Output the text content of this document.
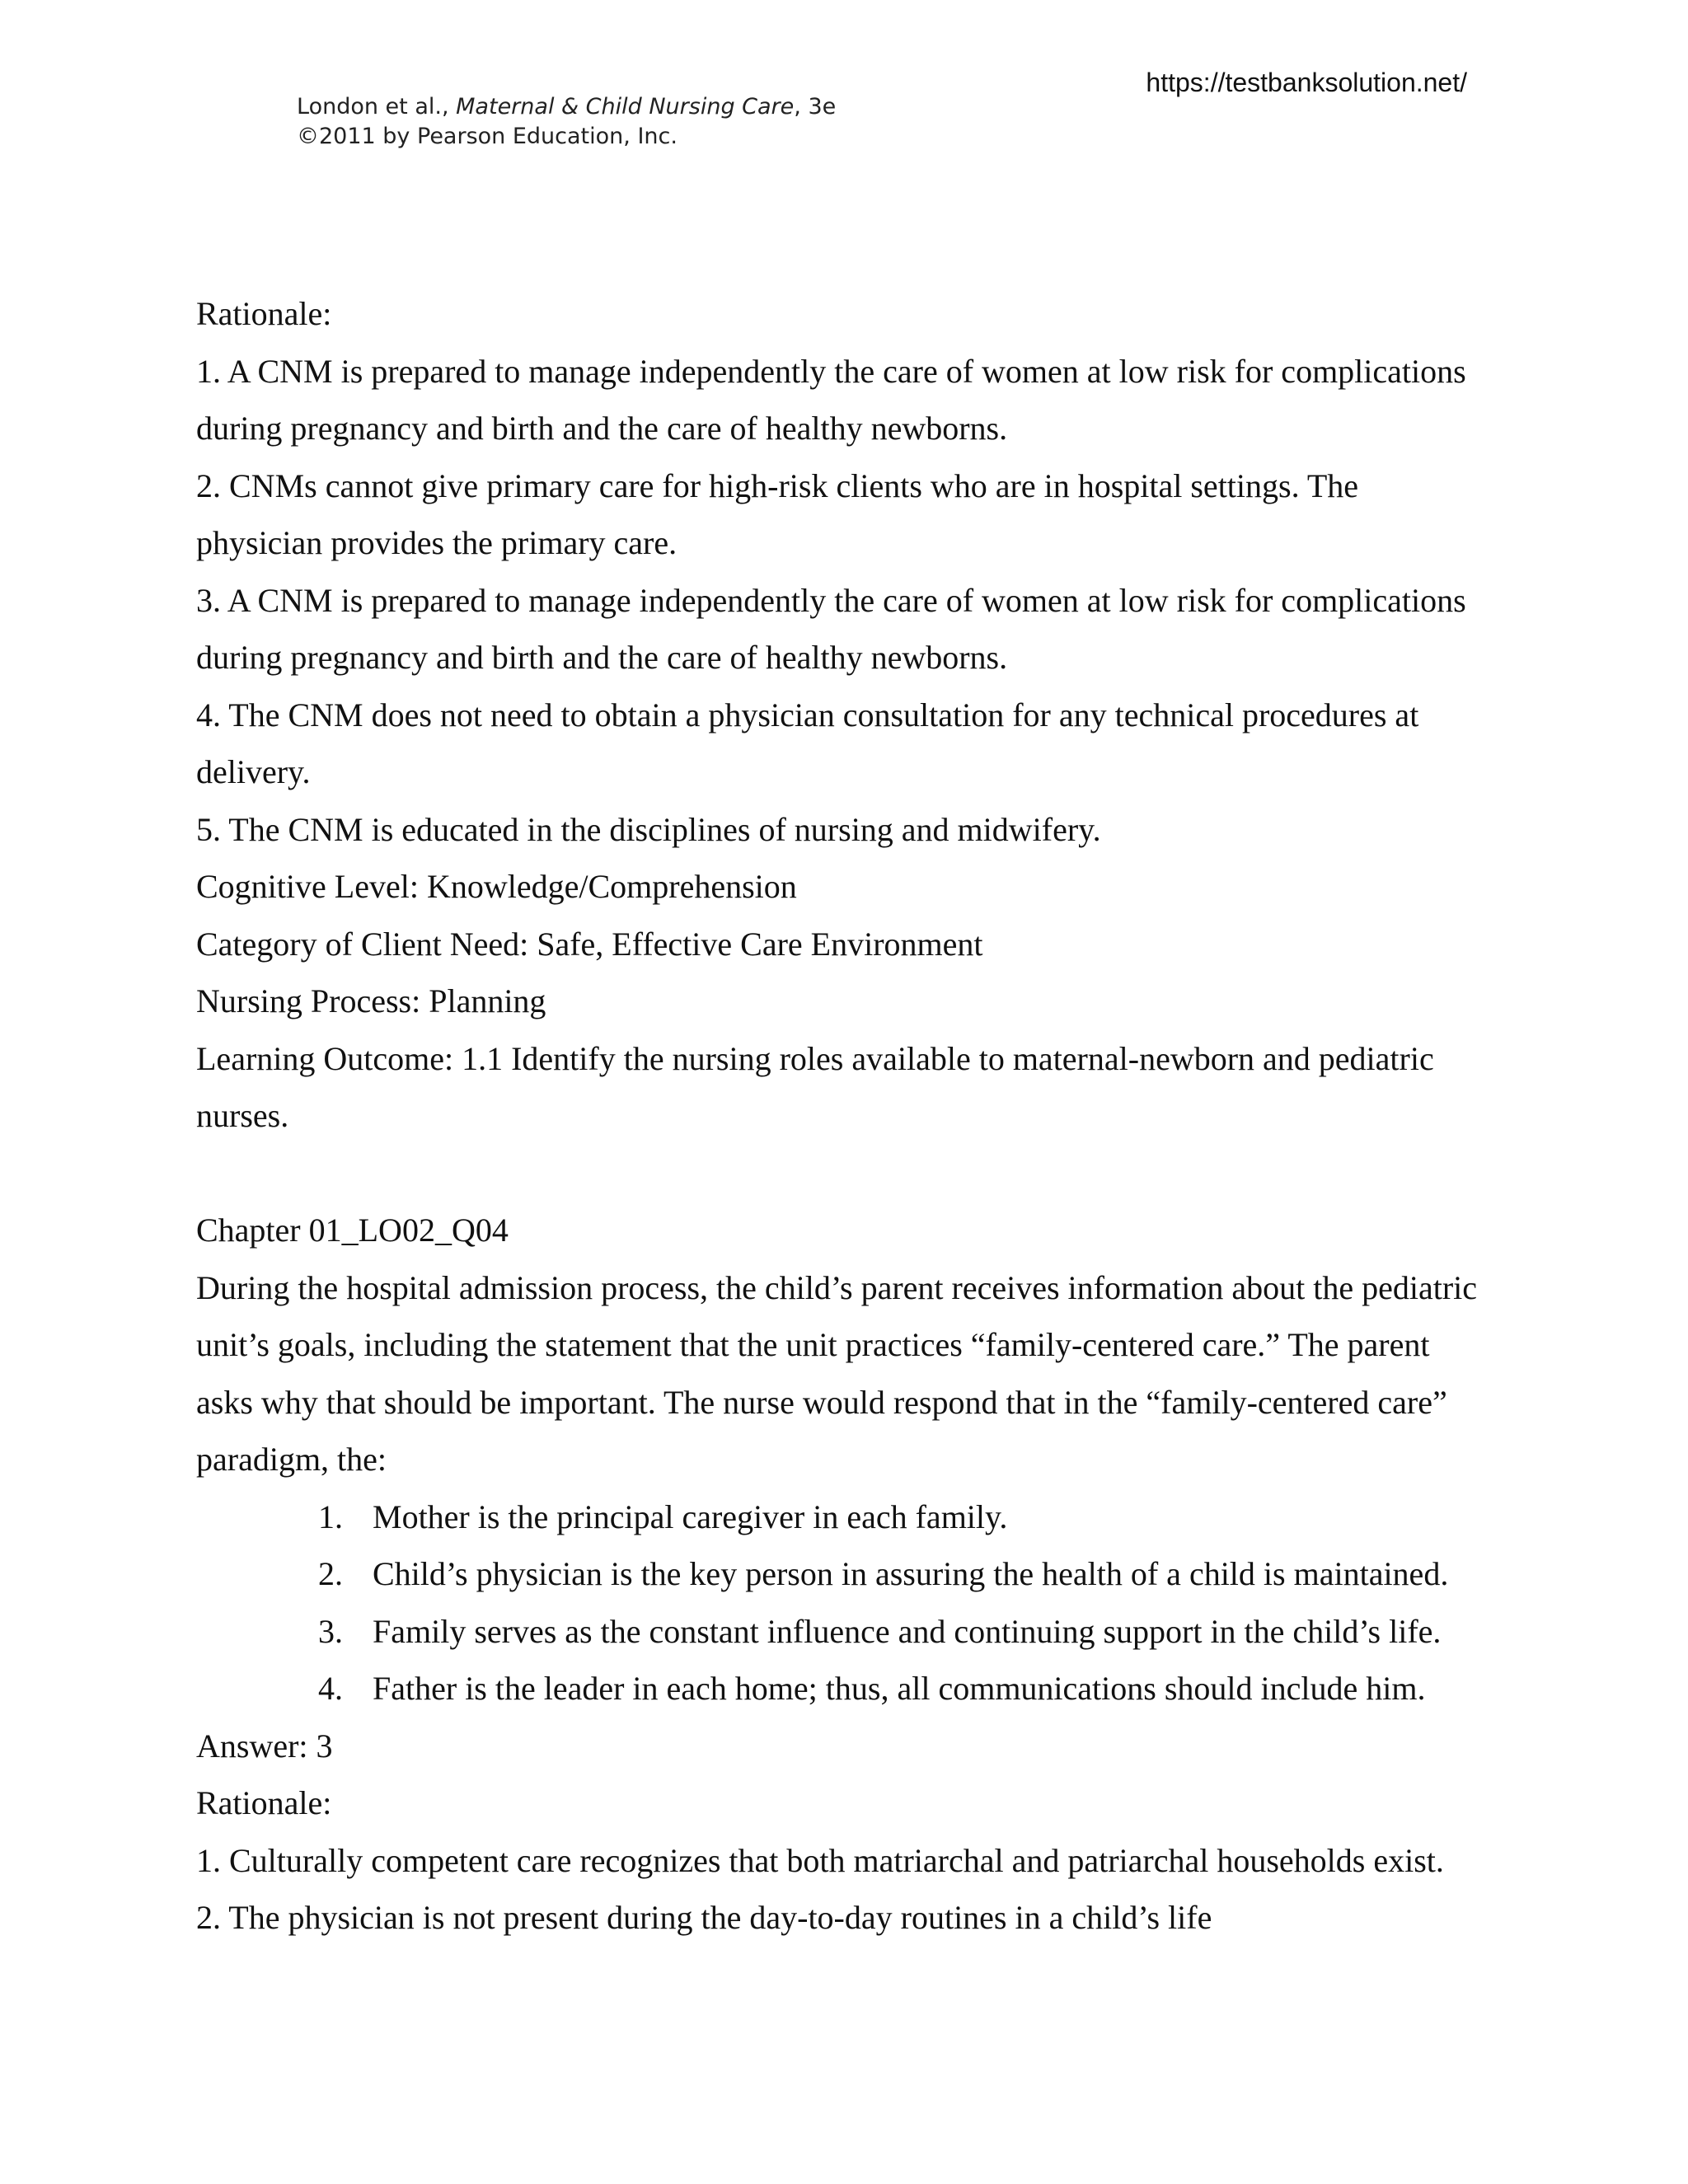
https://testbanksolution.net/
London et al., Maternal & Child Nursing Care, 3e
©2011 by Pearson Education, Inc.

Rationale:

1. A CNM is prepared to manage independently the care of women at low risk for complications

during pregnancy and birth and the care of healthy newborns.

2. CNMs cannot give primary care for high-risk clients who are in hospital settings. The

physician provides the primary care.

3. A CNM is prepared to manage independently the care of women at low risk for complications

during pregnancy and birth and the care of healthy newborns.

4. The CNM does not need to obtain a physician consultation for any technical procedures at

delivery.

5. The CNM is educated in the disciplines of nursing and midwifery.

Cognitive Level: Knowledge/Comprehension

Category of Client Need: Safe, Effective Care Environment

Nursing Process: Planning

Learning Outcome: 1.1 Identify the nursing roles available to maternal-newborn and pediatric

nurses.

Chapter 01_LO02_Q04

During the hospital admission process, the child’s parent receives information about the pediatric

unit’s goals, including the statement that the unit practices “family-centered care.” The parent

asks why that should be important. The nurse would respond that in the “family-centered care”

paradigm, the:

1. Mother is the principal caregiver in each family.
2. Child’s physician is the key person in assuring the health of a child is maintained.
3. Family serves as the constant influence and continuing support in the child’s life.
4. Father is the leader in each home; thus, all communications should include him.

Answer: 3

Rationale:

1. Culturally competent care recognizes that both matriarchal and patriarchal households exist.

2. The physician is not present during the day-to-day routines in a child’s life
